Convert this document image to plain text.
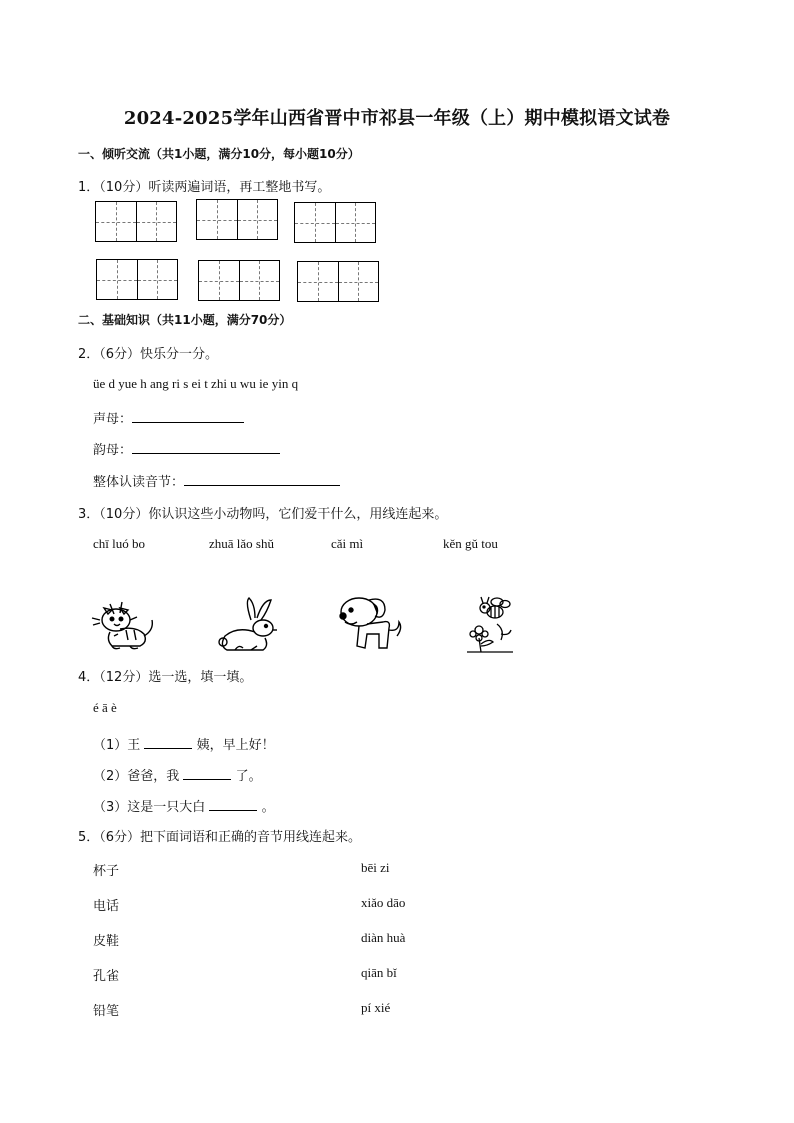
2024-2025学年山西省晋中市祁县一年级（上）期中模拟语文试卷
一、倾听交流（共1小题，满分10分，每小题10分）
1．（10分）听读两遍词语，再工整地书写。
二、基础知识（共11小题，满分70分）
2．（6分）快乐分一分。
üe d yue h ang ri s ei t zhi u wu ie yin q
声母：
韵母：
整体认读音节：
3．（10分）你认识这些小动物吗，它们爱干什么，用线连起来。
chī luó bo	zhuā lǎo shǔ	cǎi mì	kěn gǔ tou
4．（12分）选一选，填一填。
é ā è
（1）王	姨，早上好！
（2）爸爸，我	了。
（3）这是一只大白	。
5．（6分）把下面词语和正确的音节用线连起来。
杯子
电话
皮鞋
孔雀
铅笔
bēi zi
xiǎo dāo
diàn huà
qiān bǐ
pí xié
